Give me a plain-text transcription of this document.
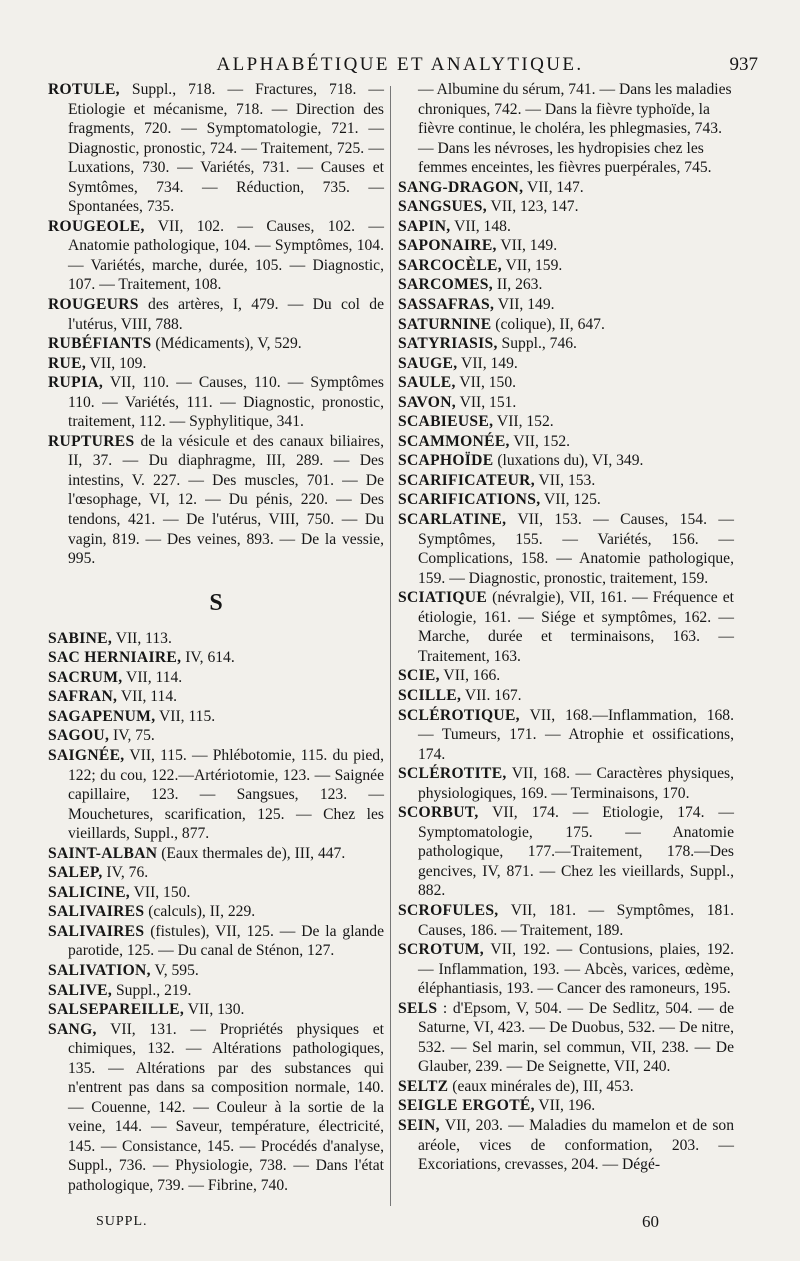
ALPHABÉTIQUE ET ANALYTIQUE.	937
ROTULE, Suppl., 718. — Fractures, 718. —Etiologie et mécanisme, 718. — Direction des fragments, 720. — Symptomatologie, 721. — Diagnostic, pronostic, 724. — Traitement, 725. — Luxations, 730. — Variétés, 731. — Causes et Symtômes, 734. — Réduction, 735. — Spontanées, 735.
ROUGEOLE, VII, 102. — Causes, 102. — Anatomie pathologique, 104. — Symptômes, 104. — Variétés, marche, durée, 105. — Diagnostic, 107. — Traitement, 108.
ROUGEURS des artères, I, 479. — Du col de l'utérus, VIII, 788.
RUBÉFIANTS (Médicaments), V, 529.
RUE, VII, 109.
RUPIA, VII, 110. — Causes, 110. — Symptômes 110. — Variétés, 111. — Diagnostic, pronostic, traitement, 112. — Syphylitique, 341.
RUPTURES de la vésicule et des canaux biliaires, II, 37. — Du diaphragme, III, 289. — Des intestins, V. 227. — Des muscles, 701. — De l'œsophage, VI, 12. — Du pénis, 220. — Des tendons, 421. — De l'utérus, VIII, 750. — Du vagin, 819. — Des veines, 893. — De la vessie, 995.
S
SABINE, VII, 113.
SAC HERNIAIRE, IV, 614.
SACRUM, VII, 114.
SAFRAN, VII, 114.
SAGAPENUM, VII, 115.
SAGOU, IV, 75.
SAIGNÉE, VII, 115. — Phlébotomie, 115. du pied, 122; du cou, 122.—Artériotomie, 123. — Saignée capillaire, 123. — Sangsues, 123. — Mouchetures, scarification, 125. — Chez les vieillards, Suppl., 877.
SAINT-ALBAN (Eaux thermales de), III, 447.
SALEP, IV, 76.
SALICINE, VII, 150.
SALIVAIRES (calculs), II, 229.
SALIVAIRES (fistules), VII, 125. — De la glande parotide, 125. — Du canal de Sténon, 127.
SALIVATION, V, 595.
SALIVE, Suppl., 219.
SALSEPAREILLE, VII, 130.
SANG, VII, 131. — Propriétés physiques et chimiques, 132. — Altérations pathologiques, 135. — Altérations par des substances qui n'entrent pas dans sa composition normale, 140. — Couenne, 142. — Couleur à la sortie de la veine, 144. — Saveur, température, électricité, 145. — Consistance, 145. — Procédés d'analyse, Suppl., 736. — Physiologie, 738. — Dans l'état pathologique, 739. — Fibrine, 740.
— Albumine du sérum, 741. — Dans les maladies chroniques, 742. — Dans la fièvre typhoïde, la fièvre continue, le choléra, les phlegmasies, 743. — Dans les névroses, les hydropisies chez les femmes enceintes, les fièvres puerpérales, 745.
SANG-DRAGON, VII, 147.
SANGSUES, VII, 123, 147.
SAPIN, VII, 148.
SAPONAIRE, VII, 149.
SARCOCÈLE, VII, 159.
SARCOMES, II, 263.
SASSAFRAS, VII, 149.
SATURNINE (colique), II, 647.
SATYRIASIS, Suppl., 746.
SAUGE, VII, 149.
SAULE, VII, 150.
SAVON, VII, 151.
SCABIEUSE, VII, 152.
SCAMMONÉE, VII, 152.
SCAPHOÏDE (luxations du), VI, 349.
SCARIFICATEUR, VII, 153.
SCARIFICATIONS, VII, 125.
SCARLATINE, VII, 153. — Causes, 154. — Symptômes, 155. — Variétés, 156. — Complications, 158. — Anatomie pathologique, 159. — Diagnostic, pronostic, traitement, 159.
SCIATIQUE (névralgie), VII, 161. — Fréquence et étiologie, 161. — Siége et symptômes, 162. — Marche, durée et terminaisons, 163. — Traitement, 163.
SCIE, VII, 166.
SCILLE, VII. 167.
SCLÉROTIQUE, VII, 168.—Inflammation, 168. — Tumeurs, 171. — Atrophie et ossifications, 174.
SCLÉROTITE, VII, 168. — Caractères physiques, physiologiques, 169. — Terminaisons, 170.
SCORBUT, VII, 174. — Etiologie, 174. — Symptomatologie, 175. — Anatomie pathologique, 177.—Traitement, 178.—Des gencives, IV, 871. — Chez les vieillards, Suppl., 882.
SCROFULES, VII, 181. — Symptômes, 181. Causes, 186. — Traitement, 189.
SCROTUM, VII, 192. — Contusions, plaies, 192. — Inflammation, 193. — Abcès, varices, œdème, éléphantiasis, 193. — Cancer des ramoneurs, 195.
SELS : d'Epsom, V, 504. — De Sedlitz, 504. — de Saturne, VI, 423. — De Duobus, 532. — De nitre, 532. — Sel marin, sel commun, VII, 238. — De Glauber, 239. — De Seignette, VII, 240.
SELTZ (eaux minérales de), III, 453.
SEIGLE ERGOTÉ, VII, 196.
SEIN, VII, 203. — Maladies du mamelon et de son aréole, vices de conformation, 203. — Excoriations, crevasses, 204. — Dégé-
SUPPL.	60
